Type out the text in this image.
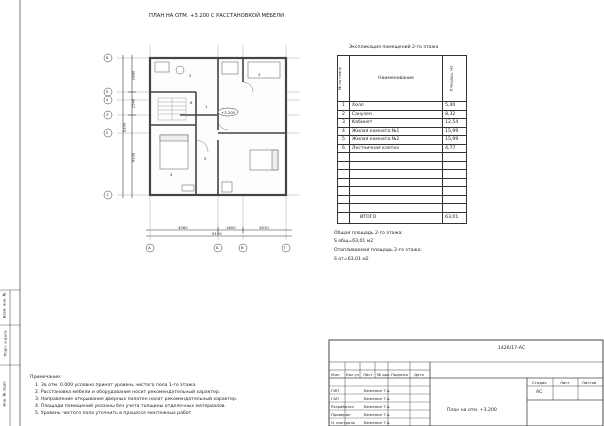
Взам. инв. №
Подп. и дата
Инв. № подл.
ПЛАН НА ОТМ. +3.200 С РАССТАНОВКОЙ МЕБЕЛИ
А	Б	В	Г
6
5
4
3
2
1
4560	1600	2810
9100
2980
1540
4100
9100
+3.200
1
2	3
4
5
6
Экспликация помещений 2-го этажа
№ по плану	Наименование	Площадь, м2

1	Холл	5,40
2	Санузел	8,32
3	Кабинет	12,54
4	Жилая комната №1	15,99
5	Жилая комната №2	15,99
6	Лестничная клетка	4,77

	ИТОГО	63,01
Общая площадь 2-го этажа:
S общ=63,01 м2
Отапливаемая площадь 2-го этажа:
S от=63,01 м2
Примечание:
1. За отм. 0.000 условно принят уровень чистого пола 1-го этажа.
2. Расстановка мебели и оборудования носит рекомендательный характер.
3. Направление открывания дверных полотен носит рекомендательный характер.
4. Площади помещений указаны без учета толщины отделочных материалов.
5. Уровень чистого пола уточнить в процессе монтажных работ.
1426/17-АС
Изм. Кол.уч Лист № док. Подпись Дата
ГИП	Веженин Т.А.
ГАП	Веженин Т.А.
Разработал	Веженин Т.А.
Проверил	Веженин Т.А.
Н. контроль Веженин Т.А.
Стадия	Лист	Листов
АС
План на отм. +3.200
